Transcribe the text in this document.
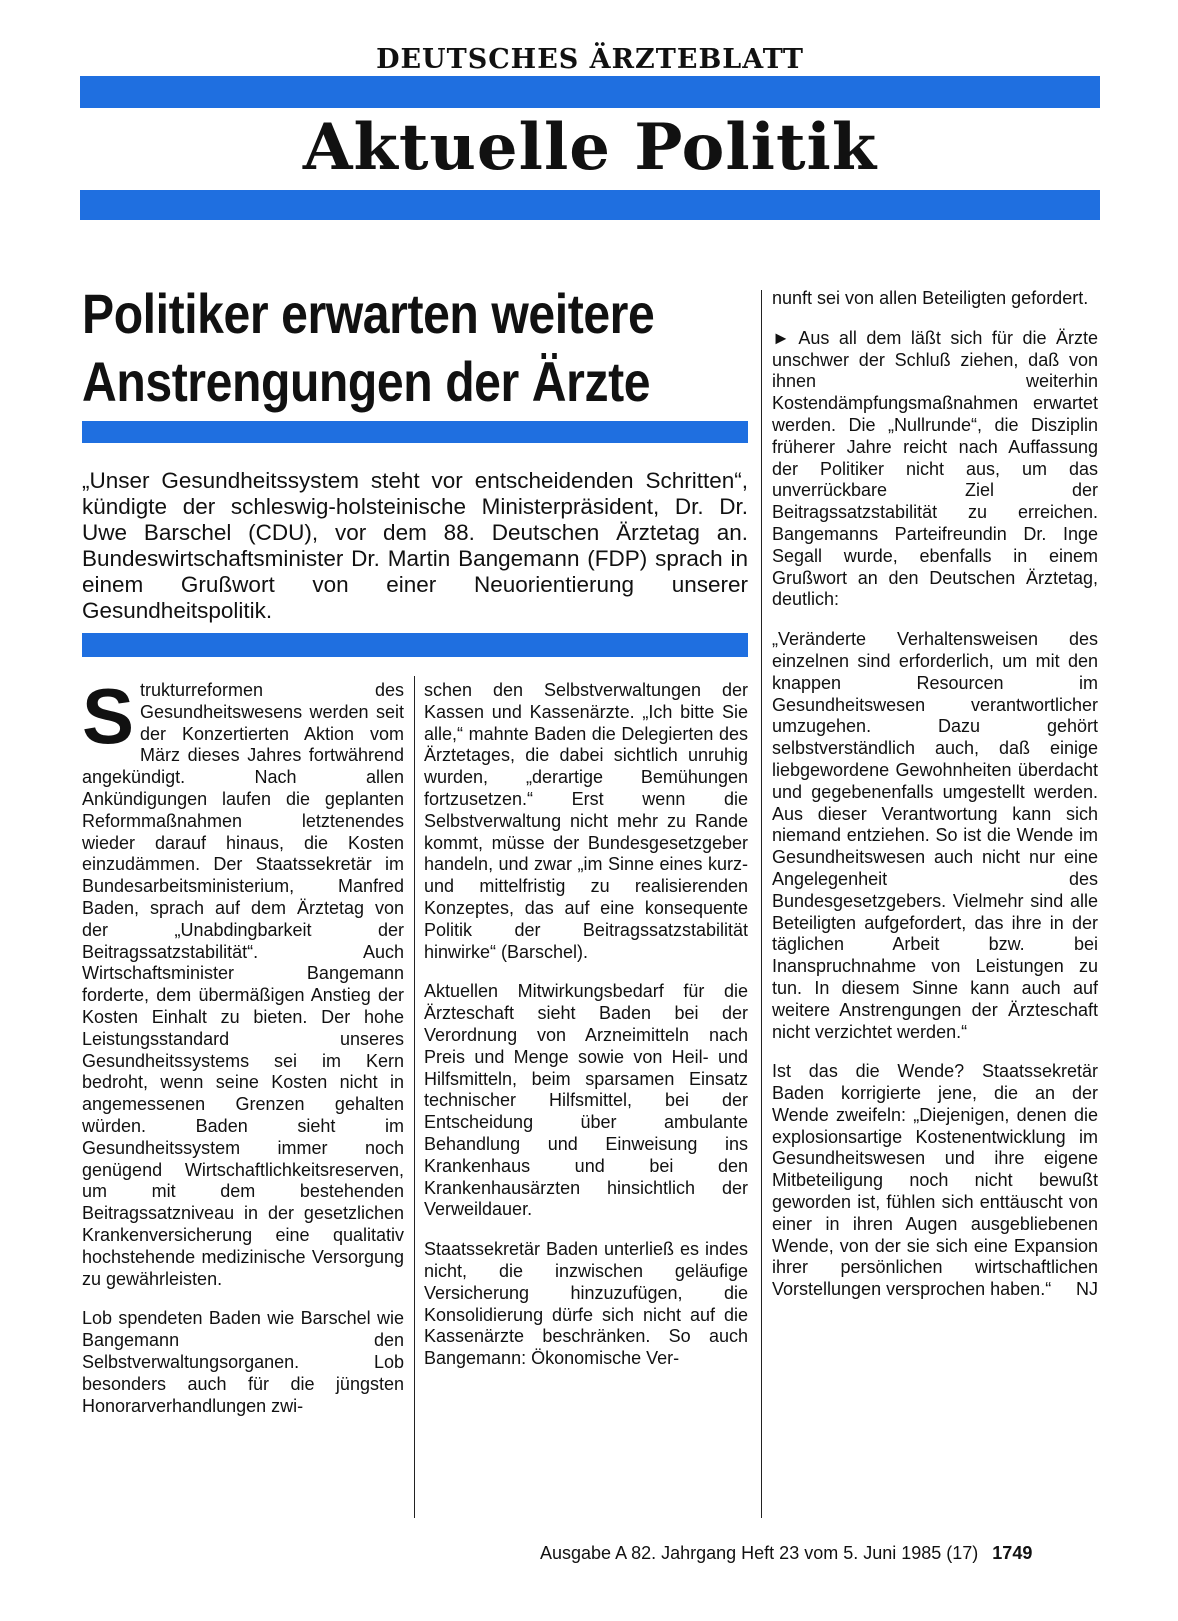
DEUTSCHES ÄRZTEBLATT
Aktuelle Politik
Politiker erwarten weitere
Anstrengungen der Ärzte
„Unser Gesundheitssystem steht vor entscheidenden Schritten“, kündigte der schleswig-holsteinische Ministerpräsident, Dr. Dr. Uwe Barschel (CDU), vor dem 88. Deutschen Ärztetag an. Bundeswirtschaftsminister Dr. Martin Bangemann (FDP) sprach in einem Grußwort von einer Neuorientierung unserer Gesundheitspolitik.

Strukturreformen des Gesundheitswesens werden seit der Konzertierten Aktion vom März dieses Jahres fortwährend angekündigt. Nach allen Ankündigungen laufen die geplanten Reformmaßnahmen letztenendes wieder darauf hinaus, die Kosten einzudämmen. Der Staatssekretär im Bundesarbeitsministerium, Manfred Baden, sprach auf dem Ärztetag von der „Unabdingbarkeit der Beitragssatzstabilität“. Auch Wirtschaftsminister Bangemann forderte, dem übermäßigen Anstieg der Kosten Einhalt zu bieten. Der hohe Leistungsstandard unseres Gesundheitssystems sei im Kern bedroht, wenn seine Kosten nicht in angemessenen Grenzen gehalten würden. Baden sieht im Gesundheitssystem immer noch genügend Wirtschaftlichkeitsreserven, um mit dem bestehenden Beitragssatzniveau in der gesetzlichen Krankenversicherung eine qualitativ hochstehende medizinische Versorgung zu gewährleisten.

Lob spendeten Baden wie Barschel wie Bangemann den Selbstverwaltungsorganen. Lob besonders auch für die jüngsten Honorarverhandlungen zwi-

schen den Selbstverwaltungen der Kassen und Kassenärzte. „Ich bitte Sie alle,“ mahnte Baden die Delegierten des Ärztetages, die dabei sichtlich unruhig wurden, „derartige Bemühungen fortzusetzen.“ Erst wenn die Selbstverwaltung nicht mehr zu Rande kommt, müsse der Bundesgesetzgeber handeln, und zwar „im Sinne eines kurz- und mittelfristig zu realisierenden Konzeptes, das auf eine konsequente Politik der Beitragssatzstabilität hinwirke“ (Barschel).

Aktuellen Mitwirkungsbedarf für die Ärzteschaft sieht Baden bei der Verordnung von Arzneimitteln nach Preis und Menge sowie von Heil- und Hilfsmitteln, beim sparsamen Einsatz technischer Hilfsmittel, bei der Entscheidung über ambulante Behandlung und Einweisung ins Krankenhaus und bei den Krankenhausärzten hinsichtlich der Verweildauer.

Staatssekretär Baden unterließ es indes nicht, die inzwischen geläufige Versicherung hinzuzufügen, die Konsolidierung dürfe sich nicht auf die Kassenärzte beschränken. So auch Bangemann: Ökonomische Ver-

nunft sei von allen Beteiligten gefordert.

► Aus all dem läßt sich für die Ärzte unschwer der Schluß ziehen, daß von ihnen weiterhin Kostendämpfungsmaßnahmen erwartet werden. Die „Nullrunde“, die Disziplin früherer Jahre reicht nach Auffassung der Politiker nicht aus, um das unverrückbare Ziel der Beitragssatzstabilität zu erreichen. Bangemanns Parteifreundin Dr. Inge Segall wurde, ebenfalls in einem Grußwort an den Deutschen Ärztetag, deutlich:

„Veränderte Verhaltensweisen des einzelnen sind erforderlich, um mit den knappen Resourcen im Gesundheitswesen verantwortlicher umzugehen. Dazu gehört selbstverständlich auch, daß einige liebgewordene Gewohnheiten überdacht und gegebenenfalls umgestellt werden. Aus dieser Verantwortung kann sich niemand entziehen. So ist die Wende im Gesundheitswesen auch nicht nur eine Angelegenheit des Bundesgesetzgebers. Vielmehr sind alle Beteiligten aufgefordert, das ihre in der täglichen Arbeit bzw. bei Inanspruchnahme von Leistungen zu tun. In diesem Sinne kann auch auf weitere Anstrengungen der Ärzteschaft nicht verzichtet werden.“

Ist das die Wende? Staatssekretär Baden korrigierte jene, die an der Wende zweifeln: „Diejenigen, denen die explosionsartige Kostenentwicklung im Gesundheitswesen und ihre eigene Mitbeteiligung noch nicht bewußt geworden ist, fühlen sich enttäuscht von einer in ihren Augen ausgebliebenen Wende, von der sie sich eine Expansion ihrer persönlichen wirtschaftlichen Vorstellungen versprochen haben.“ NJ

Ausgabe A 82. Jahrgang Heft 23 vom 5. Juni 1985 (17) 1749
